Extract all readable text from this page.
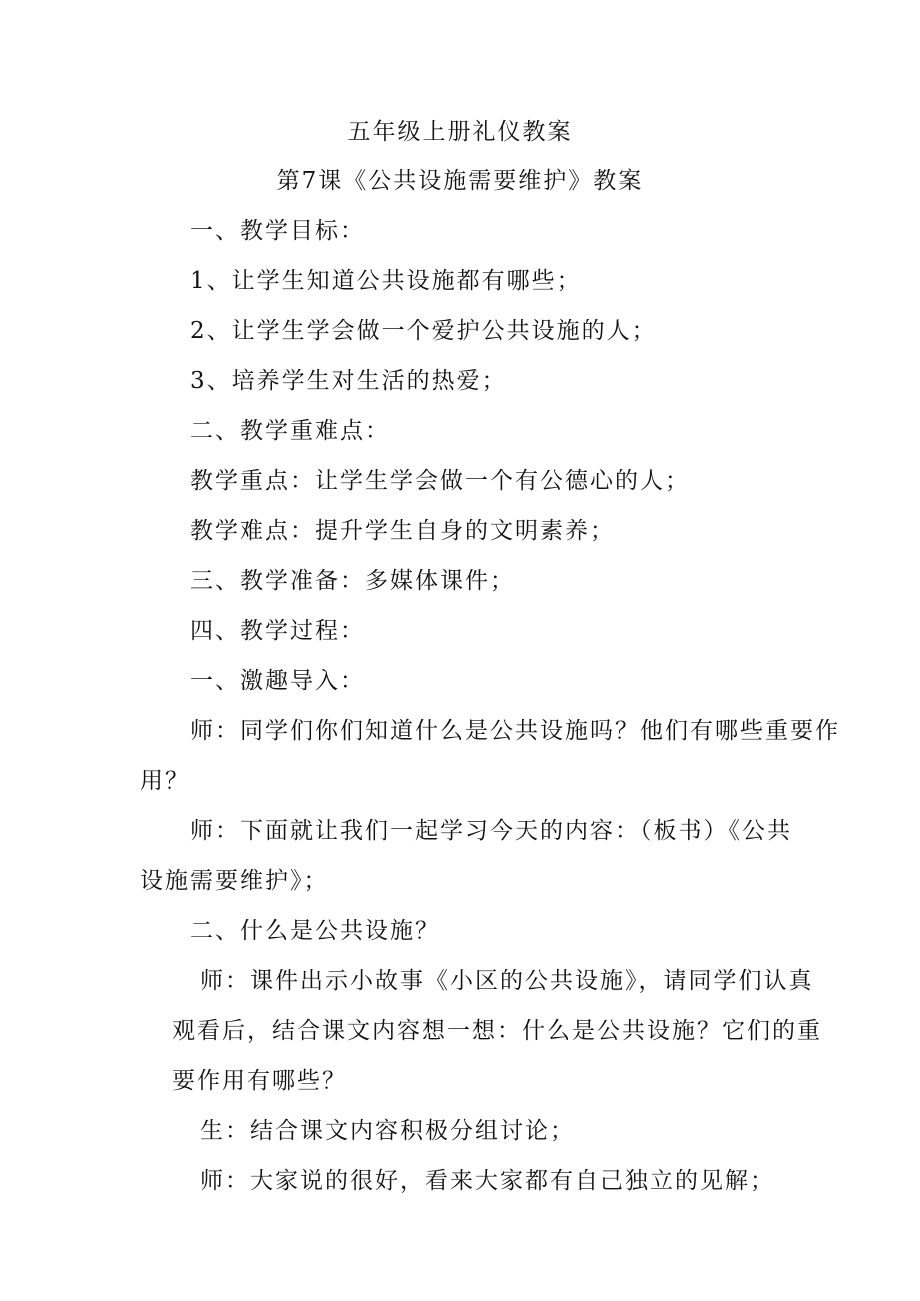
五年级上册礼仪教案
第7课《公共设施需要维护》教案
一、教学目标：
1、让学生知道公共设施都有哪些；
2、让学生学会做一个爱护公共设施的人；
3、培养学生对生活的热爱；
二、教学重难点：
教学重点：让学生学会做一个有公德心的人；
教学难点：提升学生自身的文明素养；
三、教学准备：多媒体课件；
四、教学过程：
一、激趣导入：
师：同学们你们知道什么是公共设施吗？他们有哪些重要作
用？
师：下面就让我们一起学习今天的内容：（板书）《公共
设施需要维护》；
二、什么是公共设施？
师：课件出示小故事《小区的公共设施》，请同学们认真
观看后，结合课文内容想一想：什么是公共设施？它们的重
要作用有哪些？
生：结合课文内容积极分组讨论；
师：大家说的很好，看来大家都有自己独立的见解；
